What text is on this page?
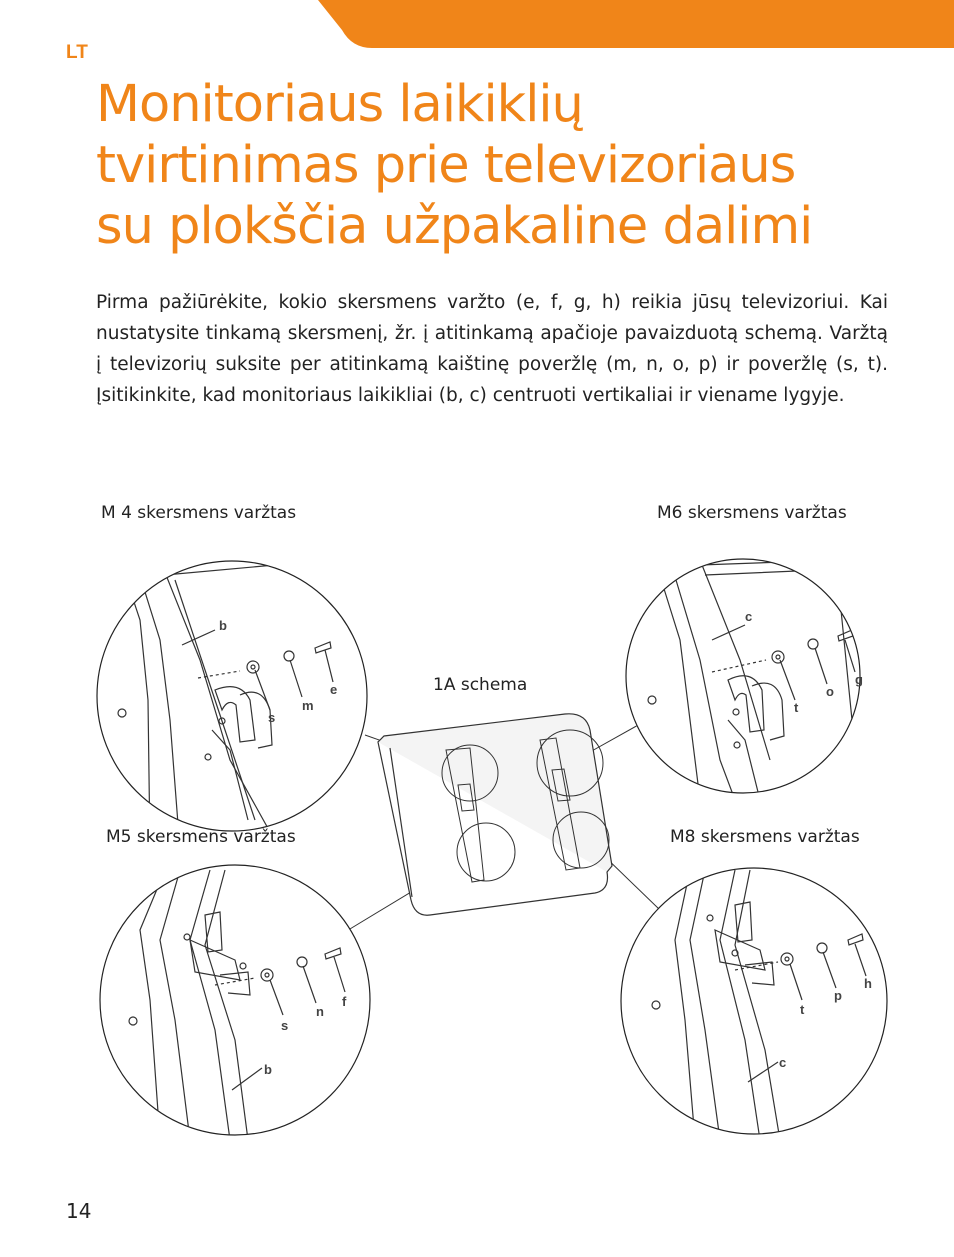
LT
Monitoriaus laikiklių
tvirtinimas prie televizoriaus
su plokščia užpakaline dalimi

Pirma pažiūrėkite, kokio skersmens varžto (e, f, g, h) reikia jūsų televizoriui. Kai nustatysite tinkamą skersmenį, žr. į atitinkamą apačioje pavaizduotą schemą. Varžtą į televizorių suksite per atitinkamą kaištinę poveržlę (m, n, o, p) ir poveržlę (s, t). Įsitikinkite, kad monitoriaus laikikliai (b, c) centruoti vertikaliai ir viename lygyje.

M 4 skersmens varžtas	M6 skersmens varžtas
1A schema
M5 skersmens varžtas	M8 skersmens varžtas
b
e
m
s
c
g
o
t
f
n
s
b
h
p
t
c
14
